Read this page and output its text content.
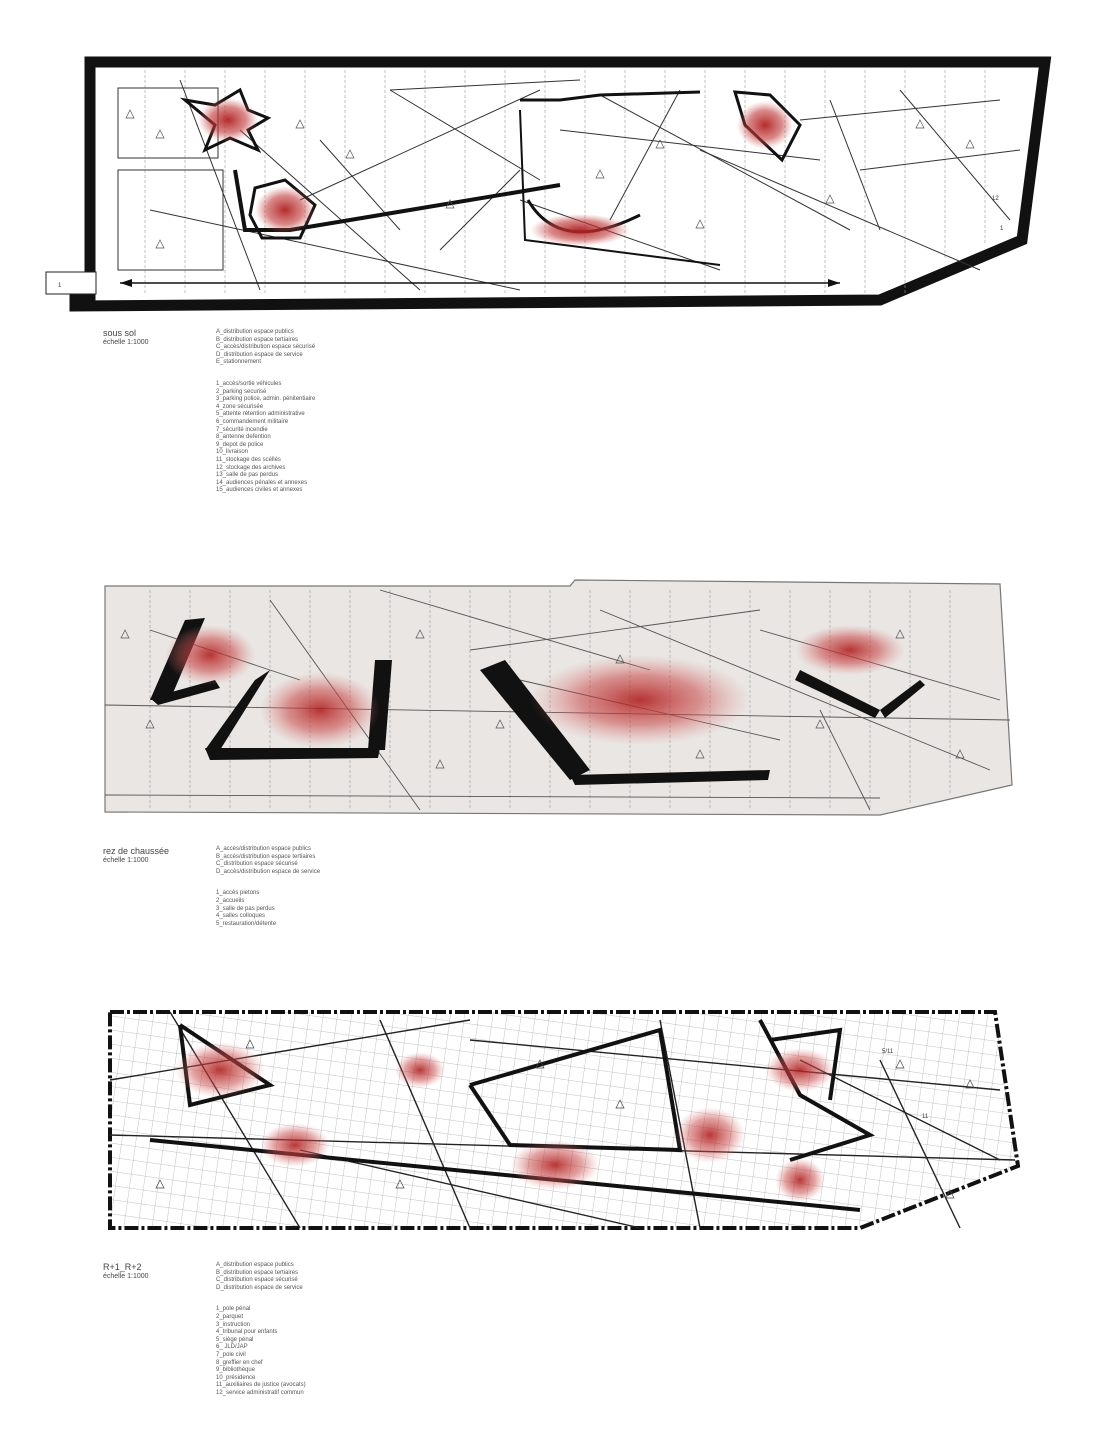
1
12
1
sous sol
échelle 1:1000
A_distribution espace publics
B_distribution espace tertiaires
C_accès/distribution espace sécurisé
D_distribution espace de service
E_stationnement
1_accès/sortie véhicules
2_parking securisé
3_parking police, admin. pénitentiaire
4_zone sécurisée
5_attente rétention administrative
6_commandement militaire
7_sécurité incendie
8_antenne defention
9_depot de police
10_livraison
11_stockage des scéllés
12_stockage des archives
13_salle de pas perdus
14_audiences pénales et annexes
15_audiences civiles et annexes
rez de chaussée
échelle 1:1000
A_accès/distribution espace publics
B_accès/distribution espace tertiaires
C_distribution espace sécurisé
D_accès/distribution espace de service
1_accès pietons
2_accueils
3_salle de pas perdus
4_salles colloques
5_restauration/détente
5/11
11
R+1_R+2
échelle 1:1000
A_distribution espace publics
B_distribution espace tertiaires
C_distribution espace sécurisé
D_distribution espace de service
1_pole pénal
2_parquet
3_instruction
4_tribunal pour enfants
5_siège pénal
6_ JLD/JAP
7_pole civil
8_greffier en chef
9_bibliothèque
10_présidence
11_auxiliaires de justice (avocats)
12_service administratif commun
